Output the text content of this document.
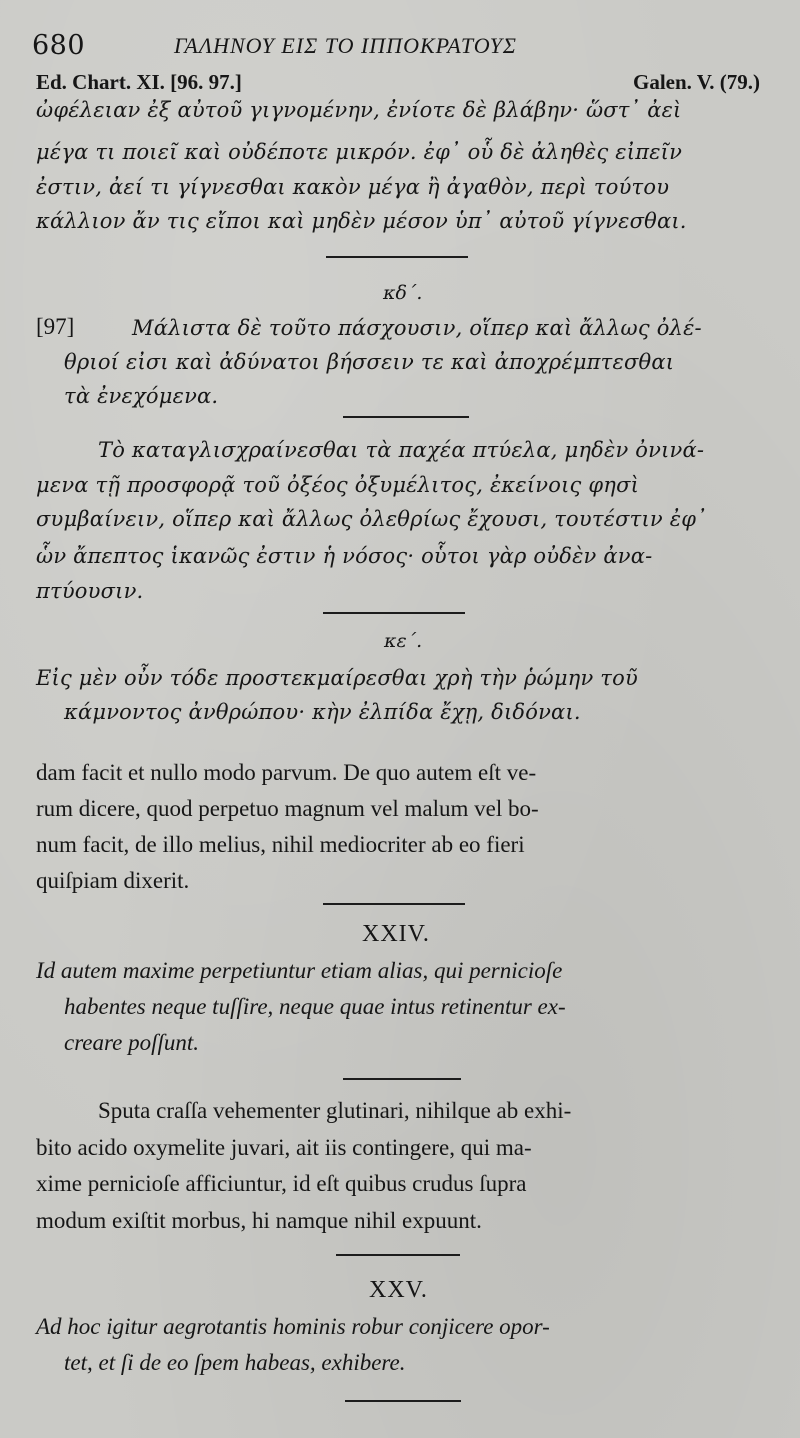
680	ΓΑΛΗΝΟΥ ΕΙΣ ΤΟ ΙΠΠΟΚΡΑΤΟΥΣ
Ed. Chart. XI. [96. 97.]	Galen. V. (79.)
ὠφέλειαν ἐξ αὐτοῦ γιγνομένην, ἐνίοτε δὲ βλάβην· ὥστ᾽ ἀεὶ
μέγα τι ποιεῖ καὶ οὐδέποτε μικρόν. ἐφ᾽ οὗ δὲ ἀληθὲς εἰπεῖν
ἐστιν, ἀεί τι γίγνεσθαι κακὸν μέγα ἢ ἀγαθὸν, περὶ τούτου
κάλλιον ἄν τις εἴποι καὶ μηδὲν μέσον ὑπ᾽ αὐτοῦ γίγνεσθαι.
κδ΄.
[97]	Μάλιστα δὲ τοῦτο πάσχουσιν, οἵπερ καὶ ἄλλως ὀλέ-
θριοί εἰσι καὶ ἀδύνατοι βήσσειν τε καὶ ἀποχρέμπτεσθαι
τὰ ἐνεχόμενα.
Τὸ καταγλισχραίνεσθαι τὰ παχέα πτύελα, μηδὲν ὀνινά-
μενα τῇ προσφορᾷ τοῦ ὀξέος ὀξυμέλιτος, ἐκείνοις φησὶ
συμβαίνειν, οἵπερ καὶ ἄλλως ὀλεθρίως ἔχουσι, τουτέστιν ἐφ᾽
ὧν ἄπεπτος ἱκανῶς ἐστιν ἡ νόσος· οὗτοι γὰρ οὐδὲν ἀνα-
πτύουσιν.
κε΄.
Εἰς μὲν οὖν τόδε προστεκμαίρεσθαι χρὴ τὴν ῥώμην τοῦ
κάμνοντος ἀνθρώπου· κὴν ἐλπίδα ἔχῃ, διδόναι.
dam facit et nullo modo parvum. De quo autem eſt ve-
rum dicere, quod perpetuo magnum vel malum vel bo-
num facit, de illo melius, nihil mediocriter ab eo fieri
quiſpiam dixerit.
XXIV.
Id autem maxime perpetiuntur etiam alias, qui pernicioſe
habentes neque tuſſire, neque quae intus retinentur ex-
creare poſſunt.
Sputa craſſa vehementer glutinari, nihilque ab exhi-
bito acido oxymelite juvari, ait iis contingere, qui ma-
xime pernicioſe afficiuntur, id eſt quibus crudus ſupra
modum exiſtit morbus, hi namque nihil expuunt.
XXV.
Ad hoc igitur aegrotantis hominis robur conjicere opor-
tet, et ſi de eo ſpem habeas, exhibere.
